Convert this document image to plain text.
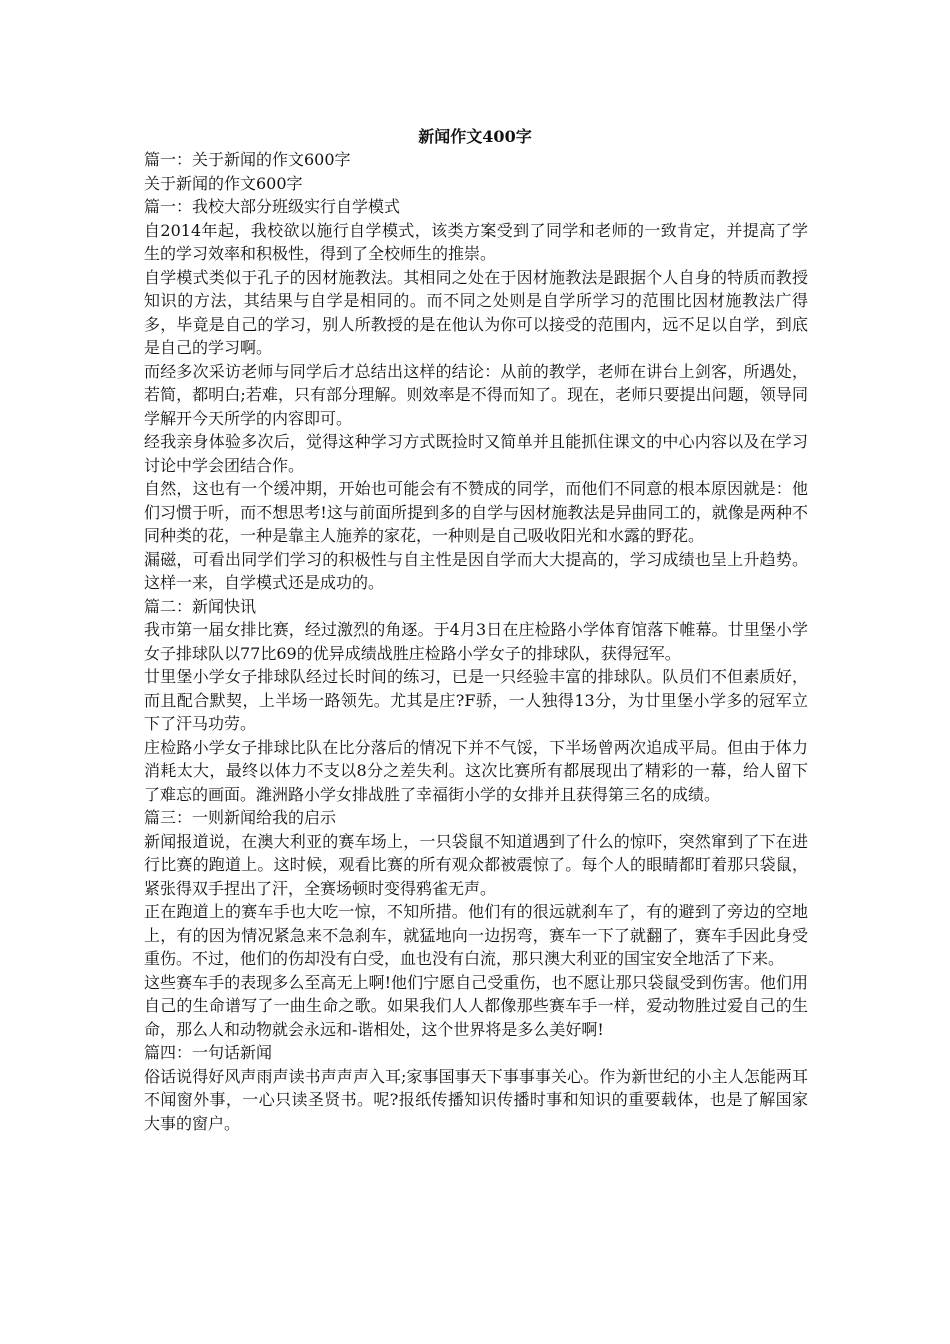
新闻作文400字

篇一：关于新闻的作文600字

关于新闻的作文600字

篇一：我校大部分班级实行自学模式

自2014年起，我校欲以施行自学模式，该类方案受到了同学和老师的一致肯定，并提高了学生的学习效率和积极性，得到了全校师生的推崇。

自学模式类似于孔子的因材施教法。其相同之处在于因材施教法是跟据个人自身的特质而教授知识的方法，其结果与自学是相同的。而不同之处则是自学所学习的范围比因材施教法广得多，毕竟是自己的学习，别人所教授的是在他认为你可以接受的范围内，远不足以自学，到底是自己的学习啊。

而经多次采访老师与同学后才总结出这样的结论：从前的教学，老师在讲台上剑客，所遇处，若简，都明白;若难，只有部分理解。则效率是不得而知了。现在，老师只要提出问题，领导同学解开今天所学的内容即可。

经我亲身体验多次后，觉得这种学习方式既捡时又简单并且能抓住课文的中心内容以及在学习讨论中学会团结合作。

自然，这也有一个缓冲期，开始也可能会有不赞成的同学，而他们不同意的根本原因就是：他们习惯于听，而不想思考!这与前面所提到多的自学与因材施教法是异曲同工的，就像是两种不同种类的花，一种是靠主人施养的家花，一种则是自己吸收阳光和水露的野花。

漏磁，可看出同学们学习的积极性与自主性是因自学而大大提高的，学习成绩也呈上升趋势。这样一来，自学模式还是成功的。

篇二：新闻快讯

我市第一届女排比赛，经过激烈的角逐。于4月3日在庄检路小学体育馆落下帷幕。廿里堡小学女子排球队以77比69的优异成绩战胜庄检路小学女子的排球队，获得冠军。

廿里堡小学女子排球队经过长时间的练习，已是一只经验丰富的排球队。队员们不但素质好，而且配合默契，上半场一路领先。尤其是庄?F骄，一人独得13分，为廿里堡小学多的冠军立下了汗马功劳。

庄检路小学女子排球比队在比分落后的情况下并不气馁，下半场曾两次追成平局。但由于体力消耗太大，最终以体力不支以8分之差失利。这次比赛所有都展现出了精彩的一幕，给人留下了难忘的画面。潍洲路小学女排战胜了幸福街小学的女排并且获得第三名的成绩。

篇三：一则新闻给我的启示

新闻报道说，在澳大利亚的赛车场上，一只袋鼠不知道遇到了什么的惊吓，突然窜到了下在进行比赛的跑道上。这时候，观看比赛的所有观众都被震惊了。每个人的眼睛都盯着那只袋鼠，紧张得双手捏出了汗，全赛场顿时变得鸦雀无声。

正在跑道上的赛车手也大吃一惊，不知所措。他们有的很远就刹车了，有的避到了旁边的空地上，有的因为情况紧急来不急刹车，就猛地向一边拐弯，赛车一下了就翻了，赛车手因此身受重伤。不过，他们的伤却没有白受，血也没有白流，那只澳大利亚的国宝安全地活了下来。

这些赛车手的表现多么至高无上啊!他们宁愿自己受重伤，也不愿让那只袋鼠受到伤害。他们用自己的生命谱写了一曲生命之歌。如果我们人人都像那些赛车手一样，爱动物胜过爱自己的生命，那么人和动物就会永远和-谐相处，这个世界将是多么美好啊!

篇四：一句话新闻

俗话说得好风声雨声读书声声声入耳;家事国事天下事事事关心。作为新世纪的小主人怎能两耳不闻窗外事，一心只读圣贤书。呢?报纸传播知识传播时事和知识的重要载体，也是了解国家大事的窗户。
